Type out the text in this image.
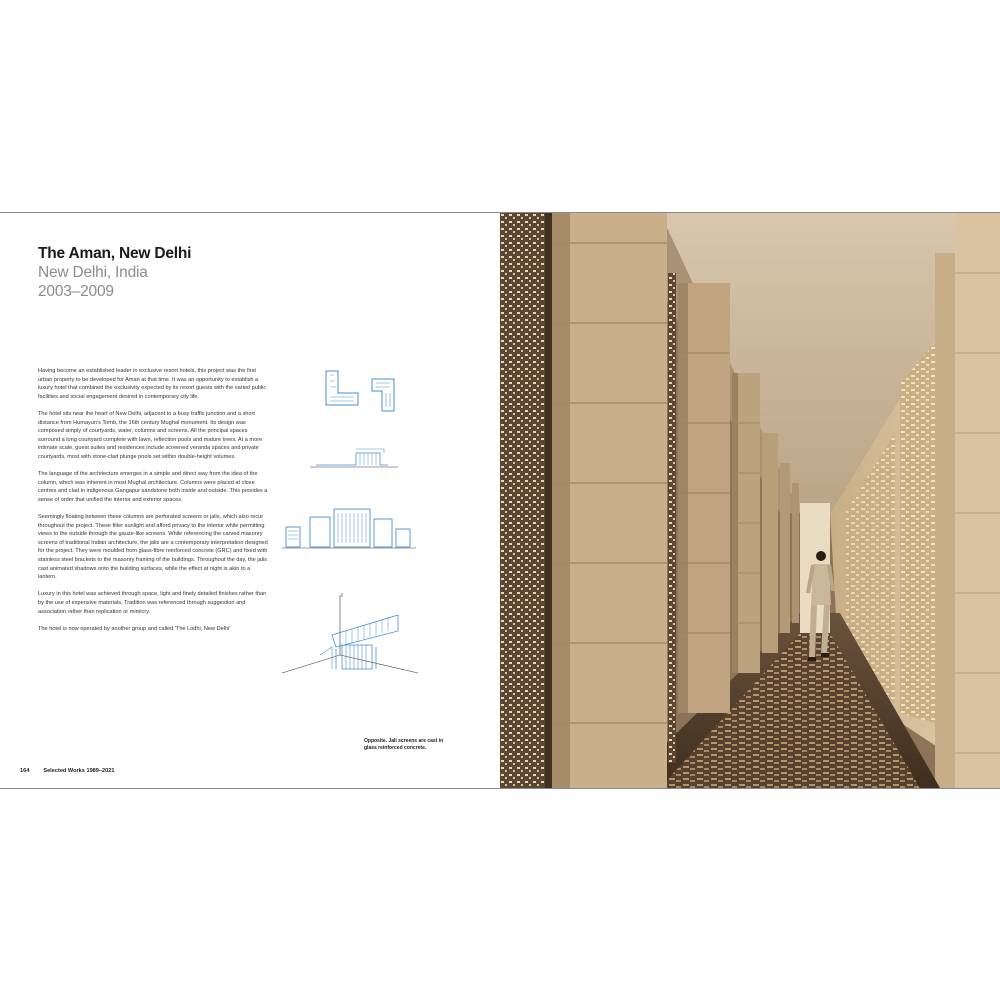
The Aman, New Delhi
New Delhi, India
2003–2009

Having become an established leader in exclusive resort hotels, this project was the first urban property to be developed for Aman at that time. It was an opportunity to establish a luxury hotel that combined the exclusivity expected by its resort guests with the varied public facilities and social engagement desired in contemporary city life.

The hotel sits near the heart of New Delhi, adjacent to a busy traffic junction and a short distance from Humayun's Tomb, the 16th century Mughal monument. Its design was composed simply of courtyards, water, columns and screens. All the principal spaces surround a long courtyard complete with lawn, reflection pools and mature trees. At a more intimate scale, guest suites and residences include screened veranda spaces and private courtyards, most with stone-clad plunge pools set within double-height volumes.

The language of the architecture emerges in a simple and direct way from the idea of the column, which was inherent in most Mughal architecture. Columns were placed at close centres and clad in indigenous Gangapur sandstone both inside and outside. This provides a sense of order that unified the interior and exterior spaces.

Seemingly floating between these columns are perforated screens or jalis, which also recur throughout the project. These filter sunlight and afford privacy to the interior while permitting views to the outside through the gauze-like screens. While referencing the carved masonry screens of traditional Indian architecture, the jalis are a contemporary interpretation designed for the project. They were moulded from glass-fibre reinforced concrete (GRC) and fixed with stainless steel brackets to the masonry framing of the buildings. Throughout the day, the jalis cast animated shadows onto the building surfaces, while the effect at night is akin to a lantern.

Luxury in this hotel was achieved through space, light and finely detailed finishes rather than by the use of expensive materials. Tradition was referenced through suggestion and association rather than replication or mimicry.

The hotel is now operated by another group and called 'The Lodhi, New Delhi'

Opposite. Jali screens are cast in glass reinforced concrete.
164	Selected Works 1989–2021
